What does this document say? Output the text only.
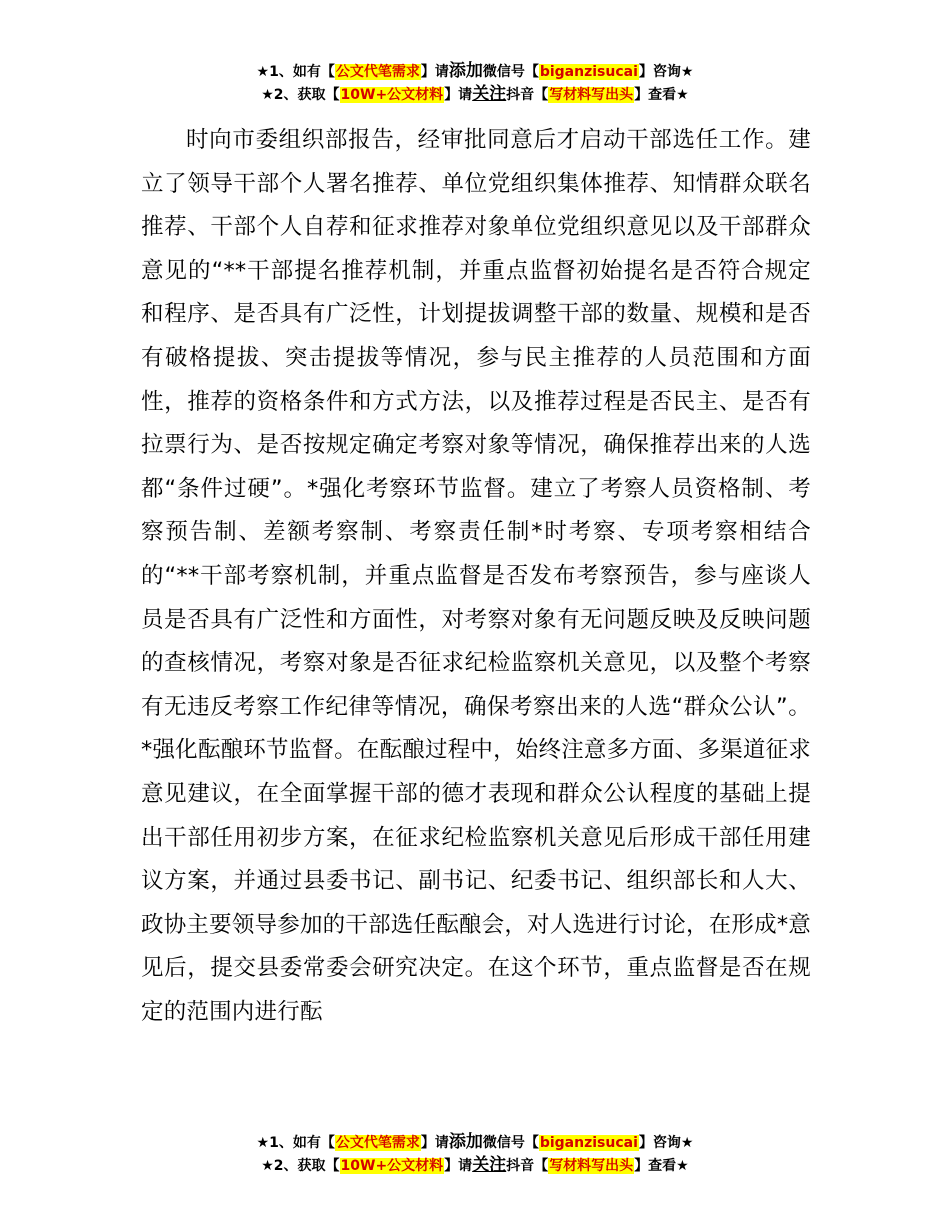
★1、如有【公文代笔需求】请添加微信号【biganzisucai】咨询★
★2、获取【10W+公文材料】请关注抖音【写材料写出头】查看★

时向市委组织部报告，经审批同意后才启动干部选任工作。建立了领导干部个人署名推荐、单位党组织集体推荐、知情群众联名推荐、干部个人自荐和征求推荐对象单位党组织意见以及干部群众意见的“**干部提名推荐机制，并重点监督初始提名是否符合规定和程序、是否具有广泛性，计划提拔调整干部的数量、规模和是否有破格提拔、突击提拔等情况，参与民主推荐的人员范围和方面性，推荐的资格条件和方式方法，以及推荐过程是否民主、是否有拉票行为、是否按规定确定考察对象等情况，确保推荐出来的人选都“条件过硬”。*强化考察环节监督。建立了考察人员资格制、考察预告制、差额考察制、考察责任制*时考察、专项考察相结合的“**干部考察机制，并重点监督是否发布考察预告，参与座谈人员是否具有广泛性和方面性，对考察对象有无问题反映及反映问题的查核情况，考察对象是否征求纪检监察机关意见，以及整个考察有无违反考察工作纪律等情况，确保考察出来的人选“群众公认”。*强化酝酿环节监督。在酝酿过程中，始终注意多方面、多渠道征求意见建议，在全面掌握干部的德才表现和群众公认程度的基础上提出干部任用初步方案，在征求纪检监察机关意见后形成干部任用建议方案，并通过县委书记、副书记、纪委书记、组织部长和人大、政协主要领导参加的干部选任酝酿会，对人选进行讨论，在形成*意见后，提交县委常委会研究决定。在这个环节，重点监督是否在规定的范围内进行酝

★1、如有【公文代笔需求】请添加微信号【biganzisucai】咨询★
★2、获取【10W+公文材料】请关注抖音【写材料写出头】查看★
